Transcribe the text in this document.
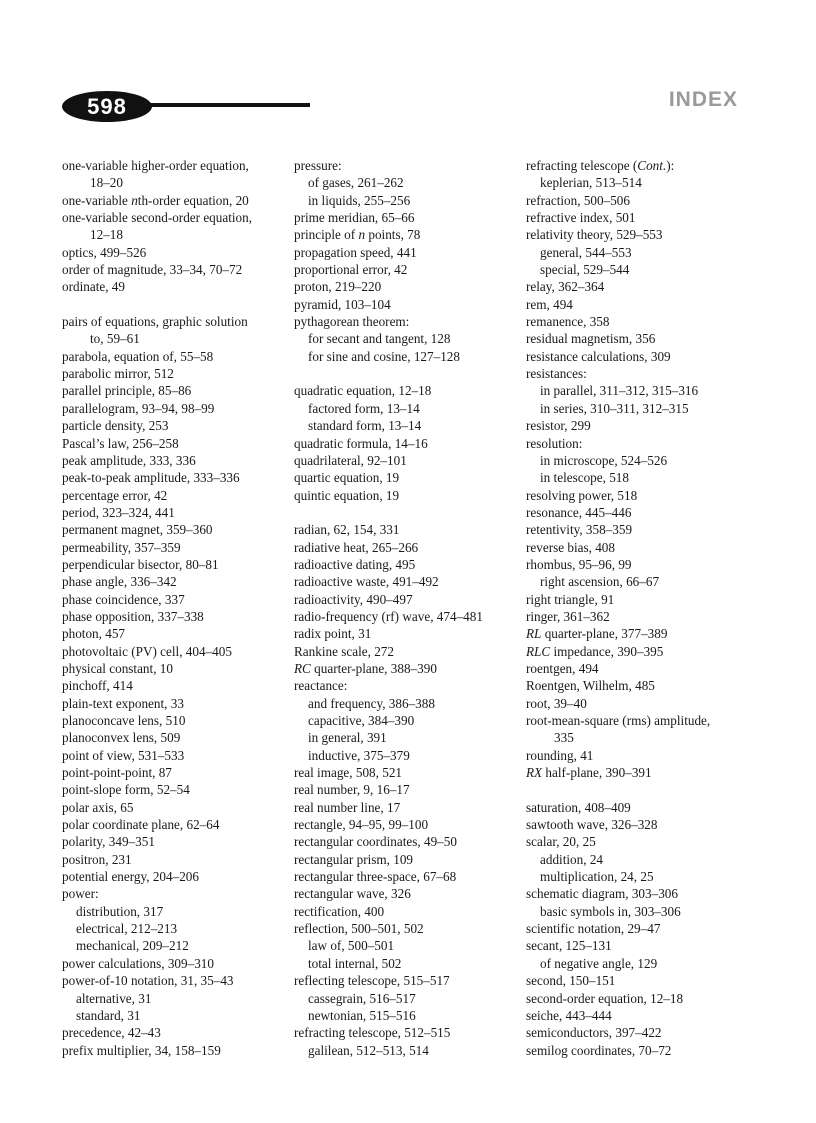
598	INDEX
one-variable higher-order equation,
18–20
one-variable nth-order equation, 20
one-variable second-order equation,
12–18
optics, 499–526
order of magnitude, 33–34, 70–72
ordinate, 49
pairs of equations, graphic solution
to, 59–61
parabola, equation of, 55–58
parabolic mirror, 512
parallel principle, 85–86
parallelogram, 93–94, 98–99
particle density, 253
Pascal’s law, 256–258
peak amplitude, 333, 336
peak-to-peak amplitude, 333–336
percentage error, 42
period, 323–324, 441
permanent magnet, 359–360
permeability, 357–359
perpendicular bisector, 80–81
phase angle, 336–342
phase coincidence, 337
phase opposition, 337–338
photon, 457
photovoltaic (PV) cell, 404–405
physical constant, 10
pinchoff, 414
plain-text exponent, 33
planoconcave lens, 510
planoconvex lens, 509
point of view, 531–533
point-point-point, 87
point-slope form, 52–54
polar axis, 65
polar coordinate plane, 62–64
polarity, 349–351
positron, 231
potential energy, 204–206
power:
distribution, 317
electrical, 212–213
mechanical, 209–212
power calculations, 309–310
power-of-10 notation, 31, 35–43
alternative, 31
standard, 31
precedence, 42–43
prefix multiplier, 34, 158–159
pressure:
of gases, 261–262
in liquids, 255–256
prime meridian, 65–66
principle of n points, 78
propagation speed, 441
proportional error, 42
proton, 219–220
pyramid, 103–104
pythagorean theorem:
for secant and tangent, 128
for sine and cosine, 127–128
quadratic equation, 12–18
factored form, 13–14
standard form, 13–14
quadratic formula, 14–16
quadrilateral, 92–101
quartic equation, 19
quintic equation, 19
radian, 62, 154, 331
radiative heat, 265–266
radioactive dating, 495
radioactive waste, 491–492
radioactivity, 490–497
radio-frequency (rf) wave, 474–481
radix point, 31
Rankine scale, 272
RC quarter-plane, 388–390
reactance:
and frequency, 386–388
capacitive, 384–390
in general, 391
inductive, 375–379
real image, 508, 521
real number, 9, 16–17
real number line, 17
rectangle, 94–95, 99–100
rectangular coordinates, 49–50
rectangular prism, 109
rectangular three-space, 67–68
rectangular wave, 326
rectification, 400
reflection, 500–501, 502
law of, 500–501
total internal, 502
reflecting telescope, 515–517
cassegrain, 516–517
newtonian, 515–516
refracting telescope, 512–515
galilean, 512–513, 514
refracting telescope (Cont.):
keplerian, 513–514
refraction, 500–506
refractive index, 501
relativity theory, 529–553
general, 544–553
special, 529–544
relay, 362–364
rem, 494
remanence, 358
residual magnetism, 356
resistance calculations, 309
resistances:
in parallel, 311–312, 315–316
in series, 310–311, 312–315
resistor, 299
resolution:
in microscope, 524–526
in telescope, 518
resolving power, 518
resonance, 445–446
retentivity, 358–359
reverse bias, 408
rhombus, 95–96, 99
right ascension, 66–67
right triangle, 91
ringer, 361–362
RL quarter-plane, 377–389
RLC impedance, 390–395
roentgen, 494
Roentgen, Wilhelm, 485
root, 39–40
root-mean-square (rms) amplitude,
335
rounding, 41
RX half-plane, 390–391
saturation, 408–409
sawtooth wave, 326–328
scalar, 20, 25
addition, 24
multiplication, 24, 25
schematic diagram, 303–306
basic symbols in, 303–306
scientific notation, 29–47
secant, 125–131
of negative angle, 129
second, 150–151
second-order equation, 12–18
seiche, 443–444
semiconductors, 397–422
semilog coordinates, 70–72
